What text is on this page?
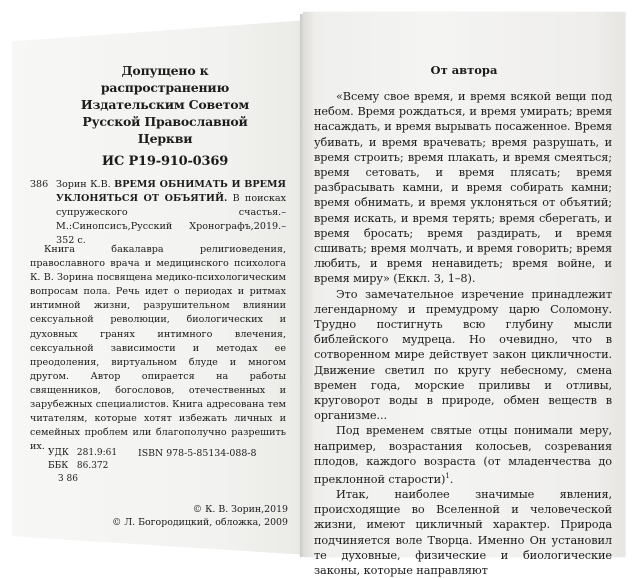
Допущено к распространению
Издательским Советом
Русской Православной Церкви
ИС Р19-910-0369
З86 Зорин К.В. ВРЕМЯ ОБНИМАТЬ И ВРЕМЯ УКЛОНЯТЬСЯ ОТ ОБЪЯТИЙ. В поисках супружеского счастья.–М.:Синопсисъ,Русский Хронографъ,2019.–352 с.
Книга бакалавра религиоведения, православного врача и медицинского психолога К. В. Зорина посвящена медико-психологическим вопросам пола. Речь идет о периодах и ритмах интимной жизни, разрушительном влиянии сексуальной революции, биологических и духовных гранях интимного влечения, сексуальной зависимости и методах ее преодоления, виртуальном блуде и многом другом. Автор опирается на работы священников, богословов, отечественных и зарубежных специалистов. Книга адресована тем читателям, которые хотят избежать личных и семейных проблем или благополучно разрешить их.
УДК 281.9:61
ББК 86.372
З 86
ISBN 978-5-85134-088-8
© К. В. Зорин,2019
© Л. Богородицкий, обложка, 2009
От автора

«Всему свое время, и время всякой вещи под небом. Время рождаться, и время умирать; время насаждать, и время вырывать посаженное. Время убивать, и время врачевать; время разрушать, и время строить; время плакать, и время смеяться; время сетовать, и время плясать; время разбрасывать камни, и время собирать камни; время обнимать, и время уклоняться от объятий; время искать, и время терять; время сберегать, и время бросать; время раздирать, и время сшивать; время молчать, и время говорить; время любить, и время ненавидеть; время войне, и время миру» (Еккл. 3, 1–8).

Это замечательное изречение принадлежит легендарному и премудрому царю Соломону. Трудно постигнуть всю глубину мысли библейского мудреца. Но очевидно, что в сотворенном мире действует закон цикличности. Движение светил по кругу небесному, смена времен года, морские приливы и отливы, круговорот воды в природе, обмен веществ в организме...

Под временем святые отцы понимали меру, например, возрастания колосьев, созревания плодов, каждого возраста (от младенчества до преклонной старости)$^1$.

Итак, наиболее значимые явления, происходящие во Вселенной и человеческой жизни, имеют цикличный характер. Природа подчиняется воле Творца. Именно Он установил те духовные, физические и биологические законы, которые направляют
